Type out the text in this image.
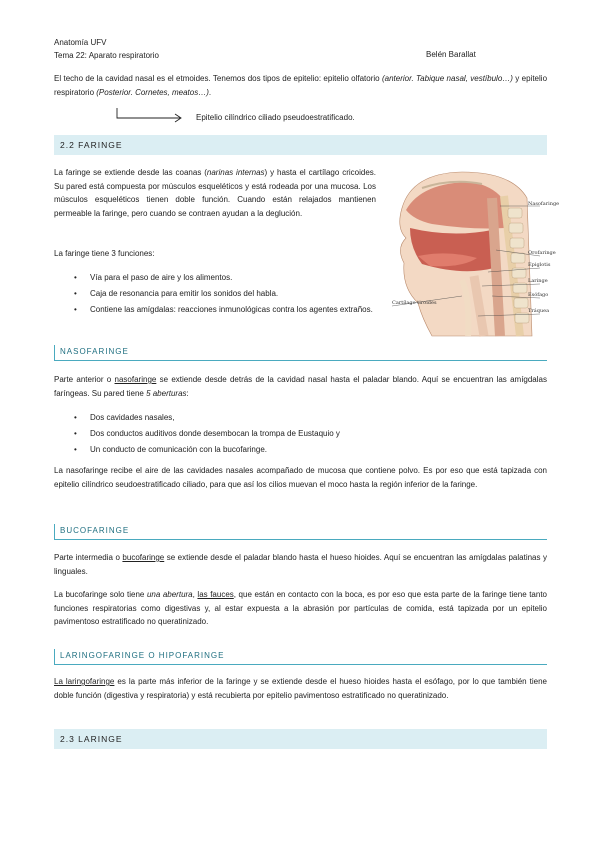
Anatomía UFV
Tema 22: Aparato respiratorio	Belén Barallat
El techo de la cavidad nasal es el etmoides. Tenemos dos tipos de epitelio: epitelio olfatorio (anterior. Tabique nasal, vestíbulo…) y epitelio respiratorio (Posterior. Cornetes, meatos…).
Epitelio cilíndrico ciliado pseudoestratificado.
2.2 FARINGE
La faringe se extiende desde las coanas (narinas internas) y hasta el cartílago cricoides. Su pared está compuesta por músculos esqueléticos y está rodeada por una mucosa. Los músculos esqueléticos tienen doble función. Cuando están relajados mantienen permeable la faringe, pero cuando se contraen ayudan a la deglución.
La faringe tiene 3 funciones:
• Vía para el paso de aire y los alimentos.
• Caja de resonancia para emitir los sonidos del habla.
• Contiene las amígdalas: reacciones inmunológicas contra los agentes extraños.
Nasofaringe
Orofaringe
Epiglotis
Laringe
Esófago
Tráquea
Cartílago tiroides
NASOFARINGE
Parte anterior o nasofaringe se extiende desde detrás de la cavidad nasal hasta el paladar blando. Aquí se encuentran las amígdalas faríngeas. Su pared tiene 5 aberturas:
• Dos cavidades nasales,
• Dos conductos auditivos donde desembocan la trompa de Eustaquio y
• Un conducto de comunicación con la bucofaringe.
La nasofaringe recibe el aire de las cavidades nasales acompañado de mucosa que contiene polvo. Es por eso que está tapizada con epitelio cilíndrico seudoestratificado ciliado, para que así los cilios muevan el moco hasta la región inferior de la faringe.
BUCOFARINGE
Parte intermedia o bucofaringe se extiende desde el paladar blando hasta el hueso hioides. Aquí se encuentran las amígdalas palatinas y linguales.
La bucofaringe solo tiene una abertura, las fauces, que están en contacto con la boca, es por eso que esta parte de la faringe tiene tanto funciones respiratorias como digestivas y, al estar expuesta a la abrasión por partículas de comida, está tapizada por un epitelio pavimentoso estratificado no queratinizado.
LARINGOFARINGE O HIPOFARINGE
La laringofaringe es la parte más inferior de la faringe y se extiende desde el hueso hioides hasta el esófago, por lo que también tiene doble función (digestiva y respiratoria) y está recubierta por epitelio pavimentoso estratificado no queratinizado.
2.3 LARINGE
